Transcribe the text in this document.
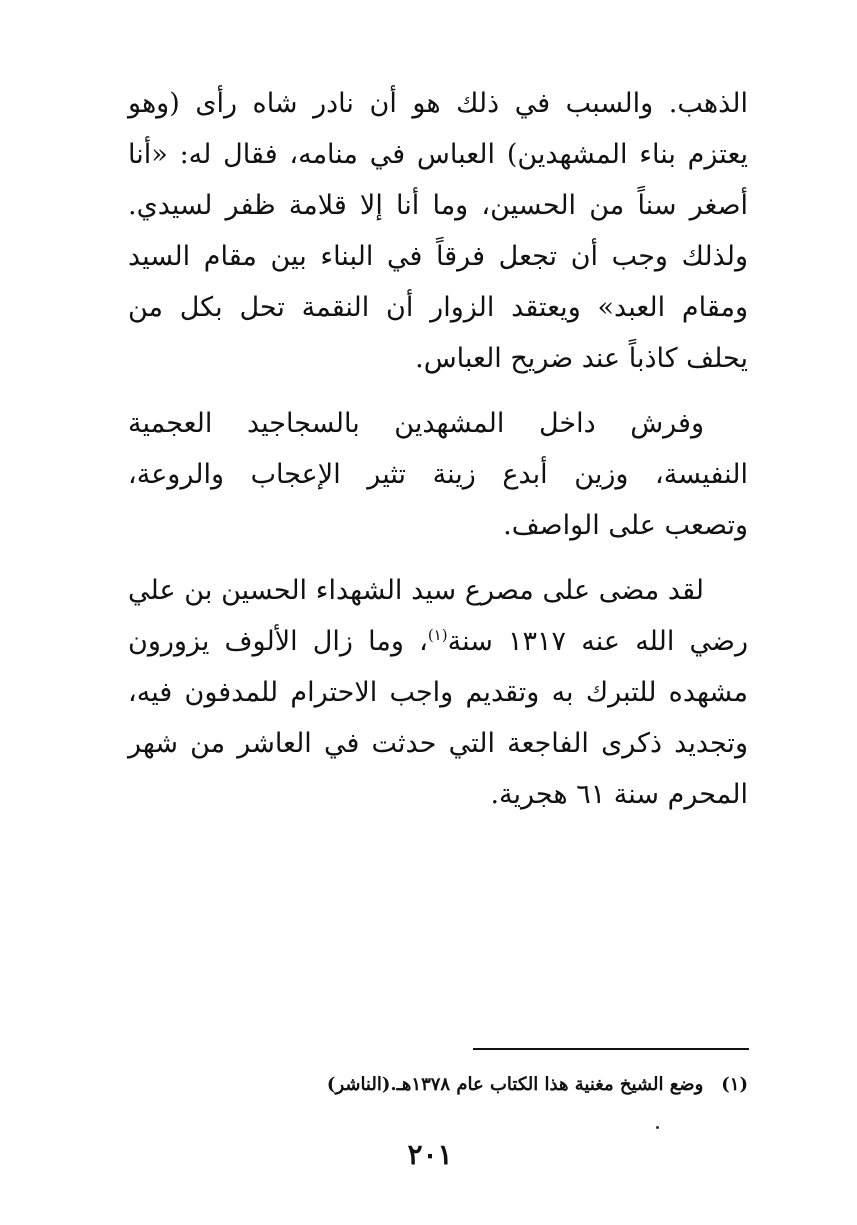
الذهب. والسبب في ذلك هو أن نادر شاه رأى (وهو
يعتزم بناء المشهدين) العباس في منامه، فقال له: «أنا
أصغر سناً من الحسين، وما أنا إلا قلامة ظفر لسيدي.
ولذلك وجب أن تجعل فرقاً في البناء بين مقام السيد
ومقام العبد» ويعتقد الزوار أن النقمة تحل بكل من
يحلف كاذباً عند ضريح العباس.

وفرش داخل المشهدين بالسجاجيد العجمية
النفيسة، وزين أبدع زينة تثير الإعجاب والروعة،
وتصعب على الواصف.

لقد مضى على مصرع سيد الشهداء الحسين بن علي
رضي الله عنه ١٣١٧ سنة$^{(١)}$، وما زال الألوف يزورون
مشهده للتبرك به وتقديم واجب الاحترام للمدفون فيه،
وتجديد ذكرى الفاجعة التي حدثت في العاشر من شهر
المحرم سنة ٦١ هجرية.

(١)وضع الشيخ مغنية هذا الكتاب عام ١٣٧٨هـ.(الناشر)
٢٠١
